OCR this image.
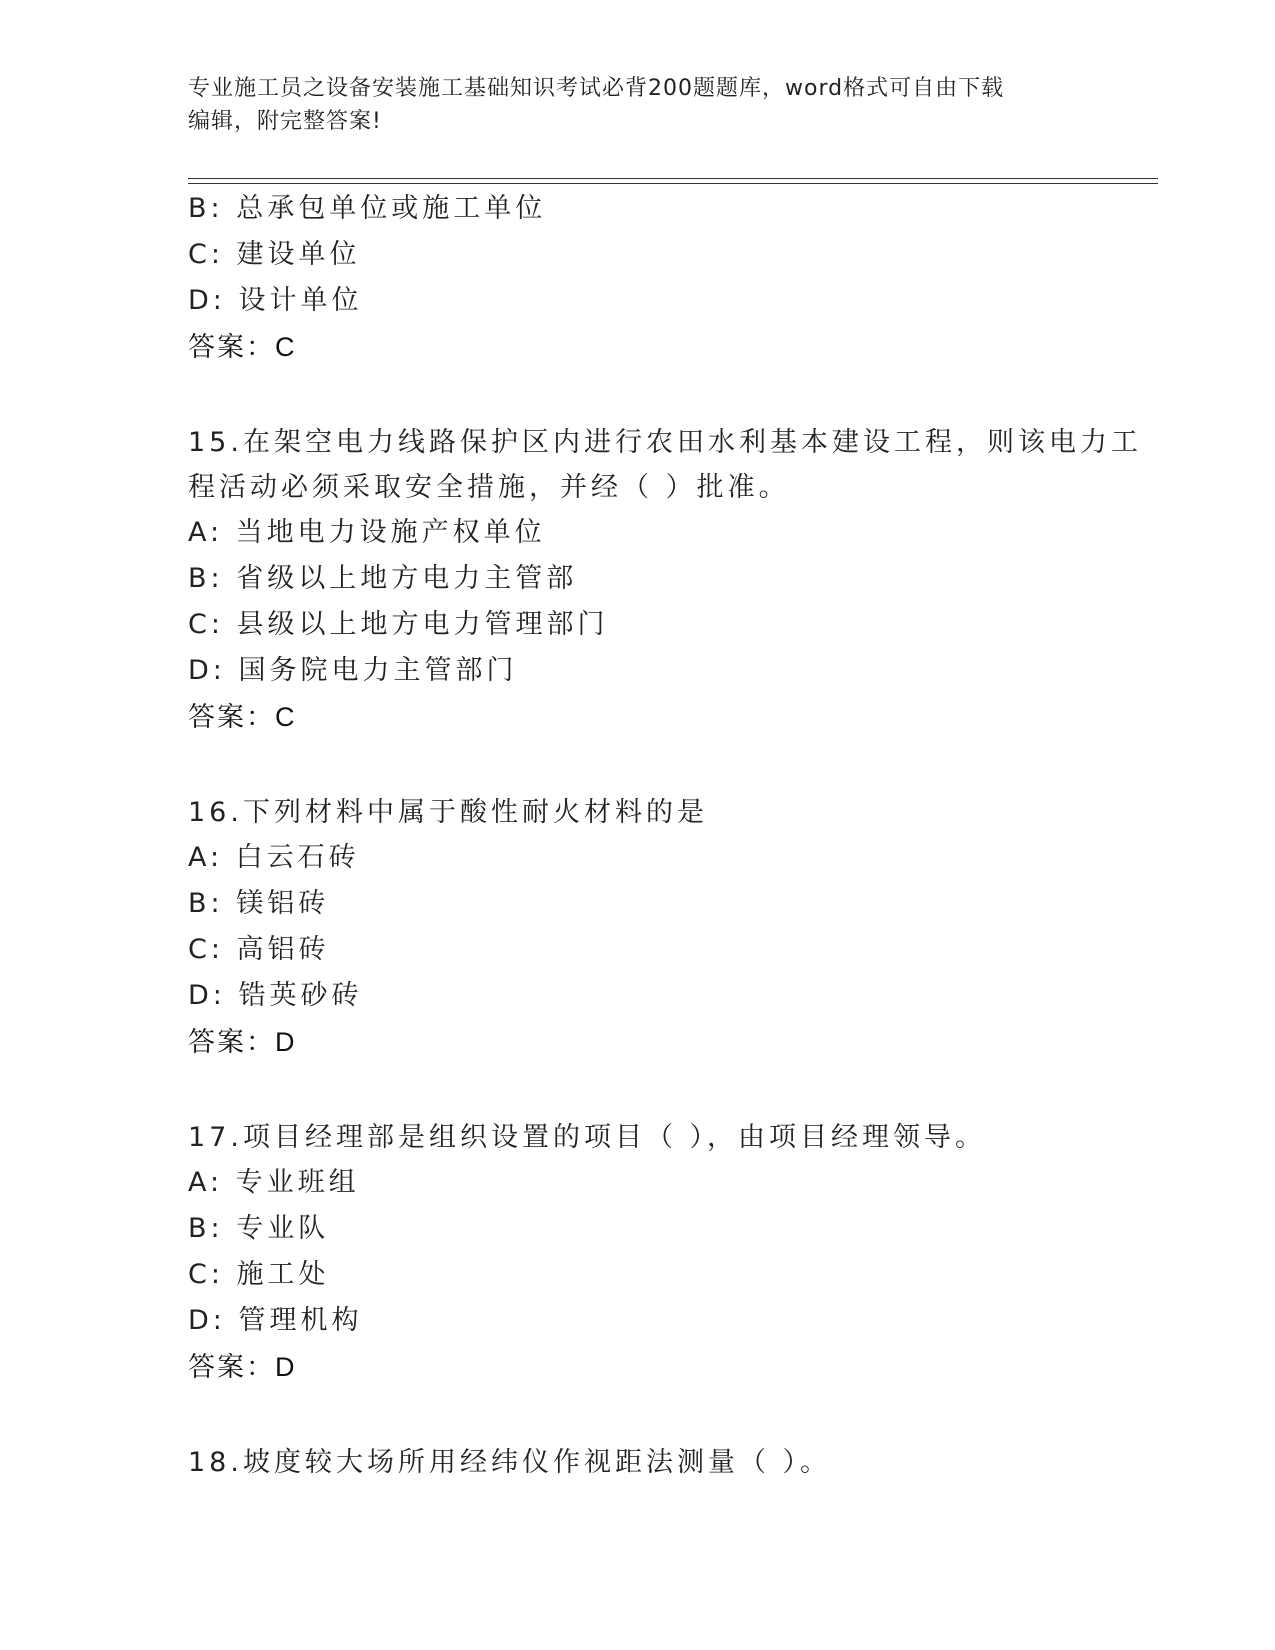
专业施工员之设备安装施工基础知识考试必背200题题库，word格式可自由下载
编辑，附完整答案!
B: 总承包单位或施工单位
C: 建设单位
D: 设计单位
答案：C
15.在架空电力线路保护区内进行农田水利基本建设工程，则该电力工
程活动必须采取安全措施，并经（ ）批准。
A: 当地电力设施产权单位
B: 省级以上地方电力主管部
C: 县级以上地方电力管理部门
D: 国务院电力主管部门
答案：C
16.下列材料中属于酸性耐火材料的是
A: 白云石砖
B: 镁铝砖
C: 高铝砖
D: 锆英砂砖
答案：D
17.项目经理部是组织设置的项目（ ），由项目经理领导。
A: 专业班组
B: 专业队
C: 施工处
D: 管理机构
答案：D
18.坡度较大场所用经纬仪作视距法测量（ ）。
